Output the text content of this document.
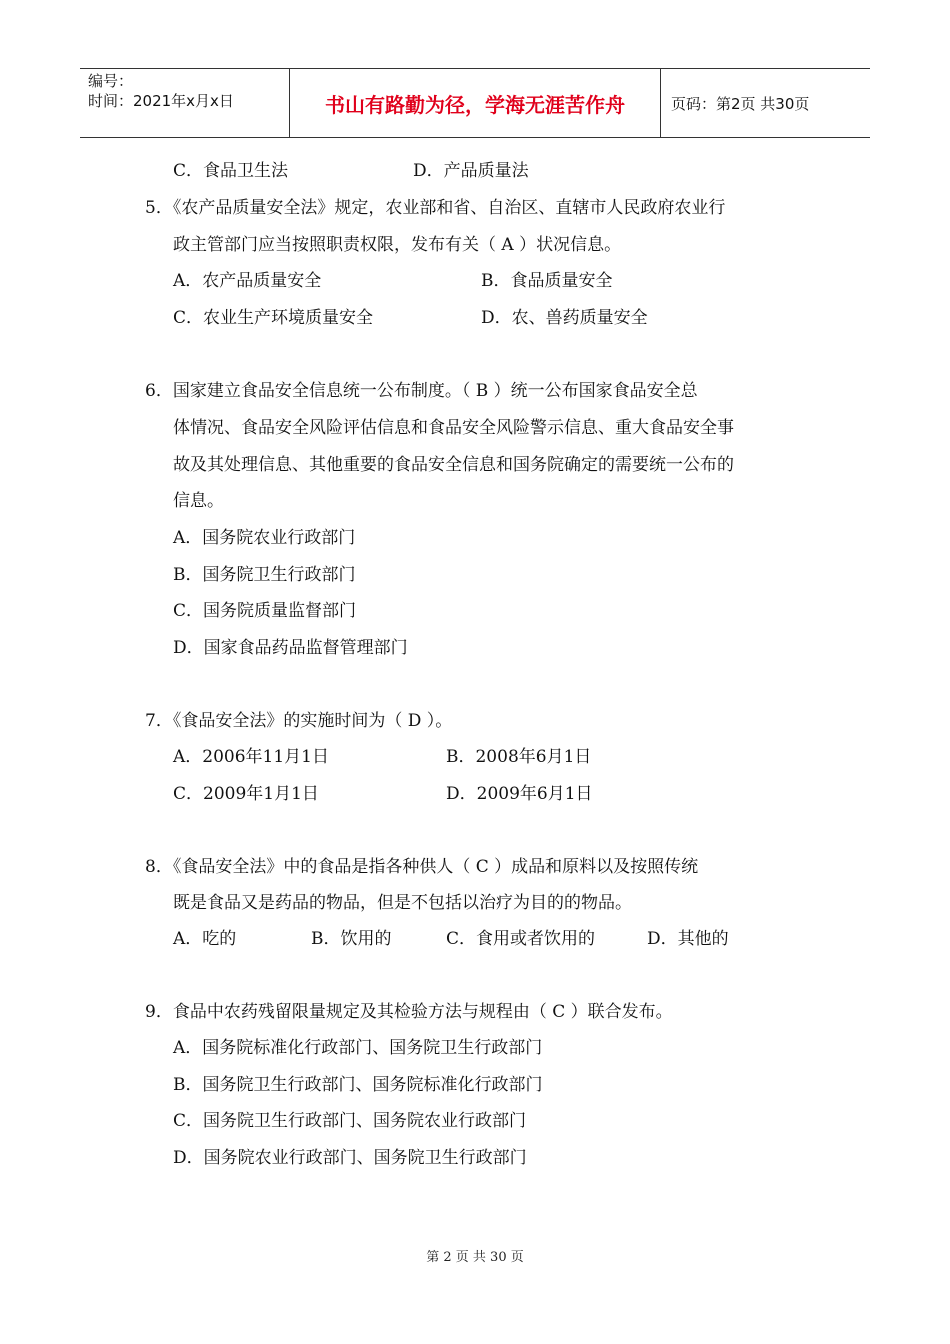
编号：
时间：2021年x月x日	书山有路勤为径，学海无涯苦作舟	页码：第2页 共30页
C．食品卫生法	D．产品质量法
5．《农产品质量安全法》规定，农业部和省、自治区、直辖市人民政府农业行
政主管部门应当按照职责权限，发布有关（ A ）状况信息。
A．农产品质量安全	B．食品质量安全
C．农业生产环境质量安全	D．农、兽药质量安全
6．国家建立食品安全信息统一公布制度。（ B ）统一公布国家食品安全总
体情况、食品安全风险评估信息和食品安全风险警示信息、重大食品安全事
故及其处理信息、其他重要的食品安全信息和国务院确定的需要统一公布的
信息。
A．国务院农业行政部门
B．国务院卫生行政部门
C．国务院质量监督部门
D．国家食品药品监督管理部门
7．《食品安全法》的实施时间为（ D ）。
A．2006年11月1日	B．2008年6月1日
C．2009年1月1日	D．2009年6月1日
8．《食品安全法》中的食品是指各种供人（ C ）成品和原料以及按照传统
既是食品又是药品的物品，但是不包括以治疗为目的的物品。
A．吃的	B．饮用的	C．食用或者饮用的	D．其他的
9．食品中农药残留限量规定及其检验方法与规程由（ C ）联合发布。
A．国务院标准化行政部门、国务院卫生行政部门
B．国务院卫生行政部门、国务院标准化行政部门
C．国务院卫生行政部门、国务院农业行政部门
D．国务院农业行政部门、国务院卫生行政部门
第 2 页 共 30 页
